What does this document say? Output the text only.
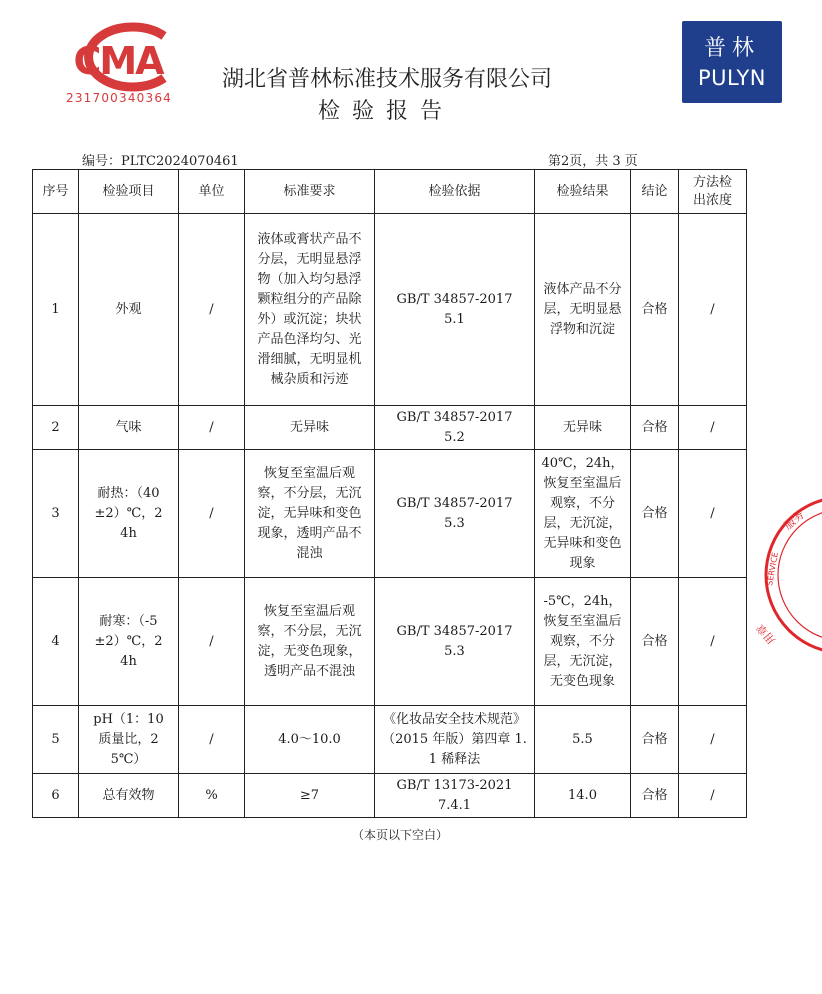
CMA
231700340364
湖北省普林标准技术服务有限公司
检验报告
普林
PULYN
编号：PLTC2024070461	第2页，共 3 页
序号	检验项目	单位	标准要求	检验依据	检验结果	结论	方法检出浓度
1	外观	/	液体或膏状产品不分层，无明显悬浮物（加入均匀悬浮颗粒组分的产品除外）或沉淀；块状产品色泽均匀、光滑细腻，无明显机械杂质和污迹	GB/T 34857-2017 5.1	液体产品不分层，无明显悬浮物和沉淀	合格	/
2	气味	/	无异味	GB/T 34857-2017 5.2	无异味	合格	/
3	耐热：（40±2）℃，24h	/	恢复至室温后观察，不分层，无沉淀，无异味和变色现象，透明产品不混浊	GB/T 34857-2017 5.3	40℃，24h，恢复至室温后观察，不分层，无沉淀，无异味和变色现象	合格	/
4	耐寒：（-5±2）℃，24h	/	恢复至室温后观察，不分层，无沉淀，无变色现象，透明产品不混浊	GB/T 34857-2017 5.3	-5℃，24h，恢复至室温后观察，不分层，无沉淀，无变色现象	合格	/
5	pH（1：10质量比，25℃）	/	4.0～10.0	《化妆品安全技术规范》（2015 年版）第四章 1.1 稀释法	5.5	合格	/
6	总有效物	%	≥7	GB/T 13173-2021 7.4.1	14.0	合格	/
（本页以下空白）
服务
SERVICE
用章
